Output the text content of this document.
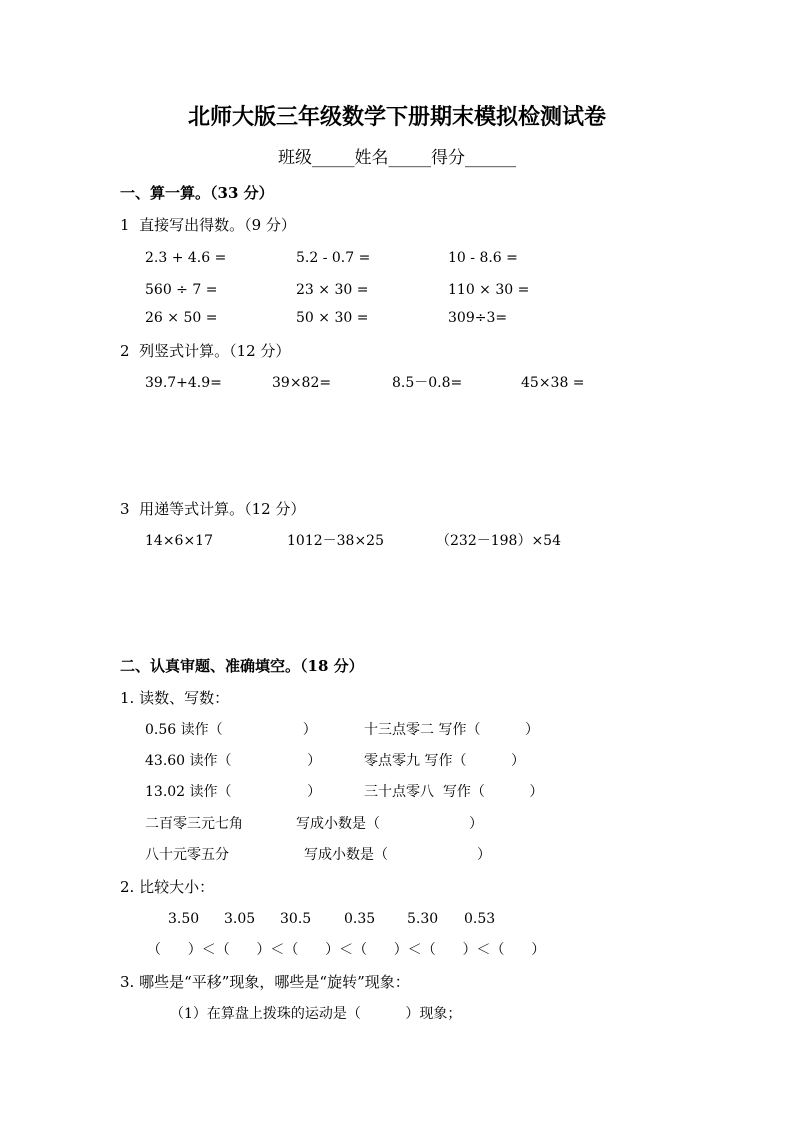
北师大版三年级数学下册期末模拟检测试卷
班级_____姓名_____得分______
一、算一算。（33 分）
1  直接写出得数。（9 分）
2.3 + 4.6 =	5.2 - 0.7 =	10 - 8.6 =
560 ÷ 7 =	23 × 30 =	110 × 30 =
26 × 50 =	50 × 30 =	309÷3=
2  列竖式计算。（12 分）
39.7+4.9=	39×82=	8.5－0.8=	45×38 =
3  用递等式计算。（12 分）
14×6×17	1012－38×25	（232－198）×54
二、认真审题、准确填空。（18 分）
1. 读数、写数：
0.56 读作（                  ）	十三点零二 写作（          ）
43.60 读作（                 ）	零点零九 写作（          ）
13.02 读作（                 ）	三十点零八  写作（          ）
二百零三元七角	写成小数是（                    ）
八十元零五分	写成小数是（                    ）
2. 比较大小：
3.50 3.05 30.5 0.35 5.30 0.53
（      ）＜（      ）＜（      ）＜（      ）＜（      ）＜（      ）
3. 哪些是“平移”现象，哪些是“旋转”现象：
（1）在算盘上拨珠的运动是（          ）现象；
